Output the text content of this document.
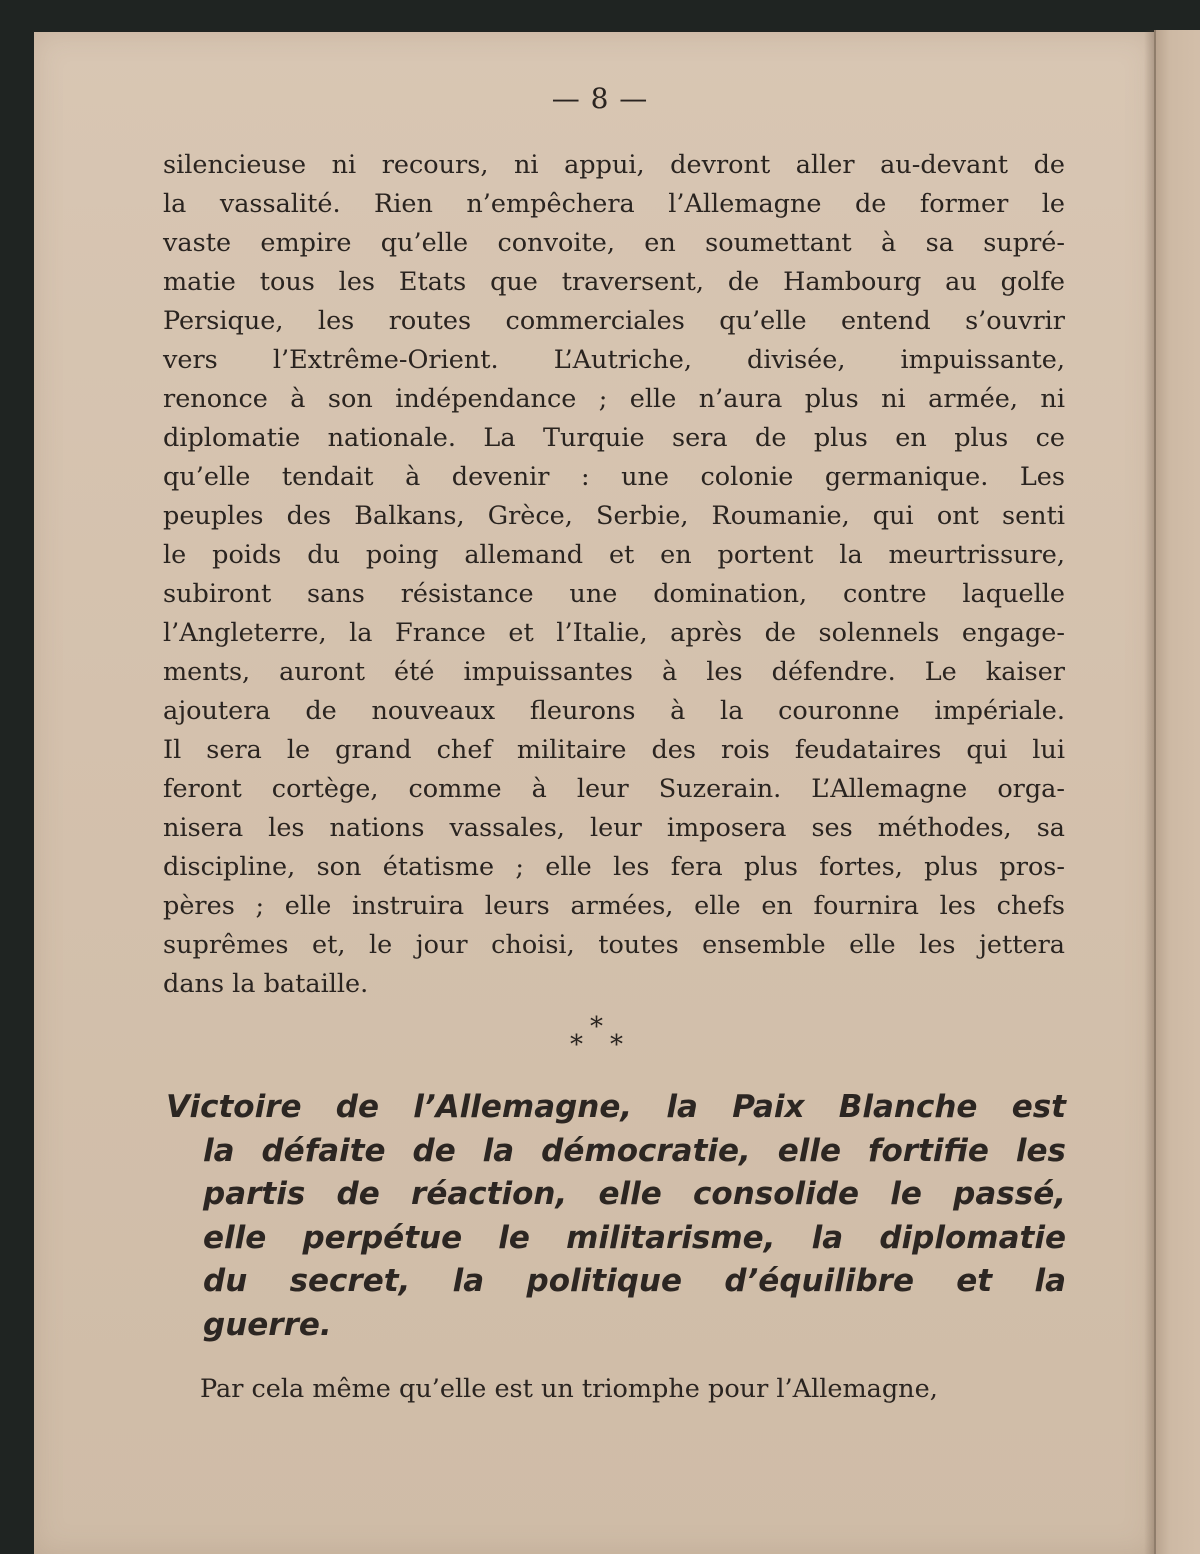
— 8 —
silencieuse ni recours, ni appui, devront aller au-devant de
la vassalité. Rien n’empêchera l’Allemagne de former le
vaste empire qu’elle convoite, en soumettant à sa supré-
matie tous les Etats que traversent, de Hambourg au golfe
Persique, les routes commerciales qu’elle entend s’ouvrir
vers l’Extrême-Orient. L’Autriche, divisée, impuissante,
renonce à son indépendance ; elle n’aura plus ni armée, ni
diplomatie nationale. La Turquie sera de plus en plus ce
qu’elle tendait à devenir : une colonie germanique. Les
peuples des Balkans, Grèce, Serbie, Roumanie, qui ont senti
le poids du poing allemand et en portent la meurtrissure,
subiront sans résistance une domination, contre laquelle
l’Angleterre, la France et l’Italie, après de solennels engage-
ments, auront été impuissantes à les défendre. Le kaiser
ajoutera de nouveaux fleurons à la couronne impériale.
Il sera le grand chef militaire des rois feudataires qui lui
feront cortège, comme à leur Suzerain. L’Allemagne orga-
nisera les nations vassales, leur imposera ses méthodes, sa
discipline, son étatisme ; elle les fera plus fortes, plus pros-
pères ; elle instruira leurs armées, elle en fournira les chefs
suprêmes et, le jour choisi, toutes ensemble elle les jettera
dans la bataille.
*
* *
Victoire de l’Allemagne, la Paix Blanche est
la défaite de la démocratie, elle fortifie les
partis de réaction, elle consolide le passé,
elle perpétue le militarisme, la diplomatie
du secret, la politique d’équilibre et la
guerre.
Par cela même qu’elle est un triomphe pour l’Allemagne,
